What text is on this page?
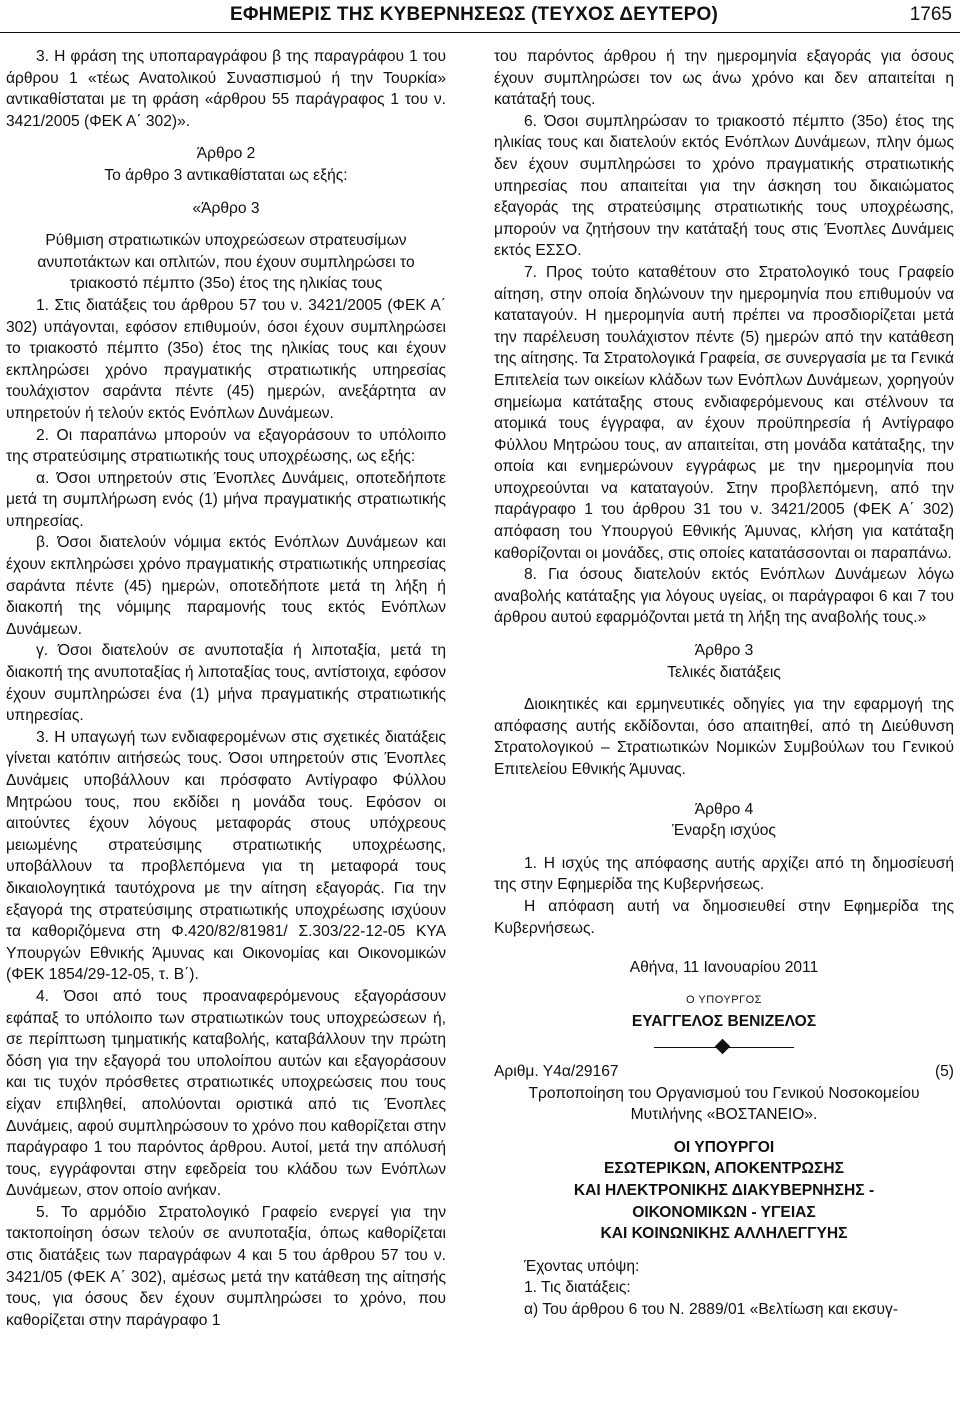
ΕΦΗΜΕΡΙΣ ΤΗΣ ΚΥΒΕΡΝΗΣΕΩΣ (ΤΕΥΧΟΣ ΔΕΥΤΕΡΟ)	1765

3. Η φράση της υποπαραγράφου β της παραγράφου 1 του άρθρου 1 «τέως Ανατολικού Συνασπισμού ή την Τουρκία» αντικαθίσταται με τη φράση «άρθρου 55 παράγραφος 1 του ν. 3421/2005 (ΦΕΚ Α΄ 302)».

Άρθρο 2

Το άρθρο 3 αντικαθίσταται ως εξής:

«Άρθρο 3

Ρύθμιση στρατιωτικών υποχρεώσεων στρατευσίμων ανυποτάκτων και οπλιτών, που έχουν συμπληρώσει το τριακοστό πέμπτο (35ο) έτος της ηλικίας τους

1. Στις διατάξεις του άρθρου 57 του ν. 3421/2005 (ΦΕΚ Α΄ 302) υπάγονται, εφόσον επιθυμούν, όσοι έχουν συμπληρώσει το τριακοστό πέμπτο (35ο) έτος της ηλικίας τους και έχουν εκπληρώσει χρόνο πραγματικής στρατιωτικής υπηρεσίας τουλάχιστον σαράντα πέντε (45) ημερών, ανεξάρτητα αν υπηρετούν ή τελούν εκτός Ενόπλων Δυνάμεων.

2. Οι παραπάνω μπορούν να εξαγοράσουν το υπόλοιπο της στρατεύσιμης στρατιωτικής τους υποχρέωσης, ως εξής:

α. Όσοι υπηρετούν στις Ένοπλες Δυνάμεις, οποτεδήποτε μετά τη συμπλήρωση ενός (1) μήνα πραγματικής στρατιωτικής υπηρεσίας.

β. Όσοι διατελούν νόμιμα εκτός Ενόπλων Δυνάμεων και έχουν εκπληρώσει χρόνο πραγματικής στρατιωτικής υπηρεσίας σαράντα πέντε (45) ημερών, οποτεδήποτε μετά τη λήξη ή διακοπή της νόμιμης παραμονής τους εκτός Ενόπλων Δυνάμεων.

γ. Όσοι διατελούν σε ανυποταξία ή λιποταξία, μετά τη διακοπή της ανυποταξίας ή λιποταξίας τους, αντίστοιχα, εφόσον έχουν συμπληρώσει ένα (1) μήνα πραγματικής στρατιωτικής υπηρεσίας.

3. Η υπαγωγή των ενδιαφερομένων στις σχετικές διατάξεις γίνεται κατόπιν αιτήσεώς τους. Όσοι υπηρετούν στις Ένοπλες Δυνάμεις υποβάλλουν και πρόσφατο Αντίγραφο Φύλλου Μητρώου τους, που εκδίδει η μονάδα τους. Εφόσον οι αιτούντες έχουν λόγους μεταφοράς στους υπόχρεους μειωμένης στρατεύσιμης στρατιωτικής υποχρέωσης, υποβάλλουν τα προβλεπόμενα για τη μεταφορά τους δικαιολογητικά ταυτόχρονα με την αίτηση εξαγοράς. Για την εξαγορά της στρατεύσιμης στρατιωτικής υποχρέωσης ισχύουν τα καθοριζόμενα στη Φ.420/82/81981/ Σ.303/22-12-05 ΚΥΑ Υπουργών Εθνικής Άμυνας και Οικονομίας και Οικονομικών (ΦΕΚ 1854/29-12-05, τ. Β΄).

4. Όσοι από τους προαναφερόμενους εξαγοράσουν εφάπαξ το υπόλοιπο των στρατιωτικών τους υποχρεώσεων ή, σε περίπτωση τμηματικής καταβολής, καταβάλλουν την πρώτη δόση για την εξαγορά του υπολοίπου αυτών και εξαγοράσουν και τις τυχόν πρόσθετες στρατιωτικές υποχρεώσεις που τους είχαν επιβληθεί, απολύονται οριστικά από τις Ένοπλες Δυνάμεις, αφού συμπληρώσουν το χρόνο που καθορίζεται στην παράγραφο 1 του παρόντος άρθρου. Αυτοί, μετά την απόλυσή τους, εγγράφονται στην εφεδρεία του κλάδου των Ενόπλων Δυνάμεων, στον οποίο ανήκαν.

5. Το αρμόδιο Στρατολογικό Γραφείο ενεργεί για την τακτοποίηση όσων τελούν σε ανυποταξία, όπως καθορίζεται στις διατάξεις των παραγράφων 4 και 5 του άρθρου 57 του ν. 3421/05 (ΦΕΚ Α΄ 302), αμέσως μετά την κατάθεση της αίτησής τους, για όσους δεν έχουν συμπληρώσει το χρόνο, που καθορίζεται στην παράγραφο 1

του παρόντος άρθρου ή την ημερομηνία εξαγοράς για όσους έχουν συμπληρώσει τον ως άνω χρόνο και δεν απαιτείται η κατάταξή τους.

6. Όσοι συμπληρώσαν το τριακοστό πέμπτο (35ο) έτος της ηλικίας τους και διατελούν εκτός Ενόπλων Δυνάμεων, πλην όμως δεν έχουν συμπληρώσει το χρόνο πραγματικής στρατιωτικής υπηρεσίας που απαιτείται για την άσκηση του δικαιώματος εξαγοράς της στρατεύσιμης στρατιωτικής τους υποχρέωσης, μπορούν να ζητήσουν την κατάταξή τους στις Ένοπλες Δυνάμεις εκτός ΕΣΣΟ.

7. Προς τούτο καταθέτουν στο Στρατολογικό τους Γραφείο αίτηση, στην οποία δηλώνουν την ημερομηνία που επιθυμούν να καταταγούν. Η ημερομηνία αυτή πρέπει να προσδιορίζεται μετά την παρέλευση τουλάχιστον πέντε (5) ημερών από την κατάθεση της αίτησης. Τα Στρατολογικά Γραφεία, σε συνεργασία με τα Γενικά Επιτελεία των οικείων κλάδων των Ενόπλων Δυνάμεων, χορηγούν σημείωμα κατάταξης στους ενδιαφερόμενους και στέλνουν τα ατομικά τους έγγραφα, αν έχουν προϋπηρεσία ή Αντίγραφο Φύλλου Μητρώου τους, αν απαιτείται, στη μονάδα κατάταξης, την οποία και ενημερώνουν εγγράφως με την ημερομηνία που υποχρεούνται να καταταγούν. Στην προβλεπόμενη, από την παράγραφο 1 του άρθρου 31 του ν. 3421/2005 (ΦΕΚ Α΄ 302) απόφαση του Υπουργού Εθνικής Άμυνας, κλήση για κατάταξη καθορίζονται οι μονάδες, στις οποίες κατατάσσονται οι παραπάνω.

8. Για όσους διατελούν εκτός Ενόπλων Δυνάμεων λόγω αναβολής κατάταξης για λόγους υγείας, οι παράγραφοι 6 και 7 του άρθρου αυτού εφαρμόζονται μετά τη λήξη της αναβολής τους.»

Άρθρο 3

Τελικές διατάξεις

Διοικητικές και ερμηνευτικές οδηγίες για την εφαρμογή της απόφασης αυτής εκδίδονται, όσο απαιτηθεί, από τη Διεύθυνση Στρατολογικού – Στρατιωτικών Νομικών Συμβούλων του Γενικού Επιτελείου Εθνικής Άμυνας.

Άρθρο 4

Έναρξη ισχύος

1. Η ισχύς της απόφασης αυτής αρχίζει από τη δημοσίευσή της στην Εφημερίδα της Κυβερνήσεως.

Η απόφαση αυτή να δημοσιευθεί στην Εφημερίδα της Κυβερνήσεως.

Αθήνα, 11 Ιανουαρίου 2011

Ο ΥΠΟΥΡΓΟΣ

ΕΥΑΓΓΕΛΟΣ ΒΕΝΙΖΕΛΟΣ

Αριθμ. Υ4α/29167	(5)

Τροποποίηση του Οργανισμού του Γενικού Νοσοκομείου Μυτιλήνης «ΒΟΣΤΑΝΕΙΟ».

ΟΙ ΥΠΟΥΡΓΟΙ

ΕΣΩΤΕΡΙΚΩΝ, ΑΠΟΚΕΝΤΡΩΣΗΣ

ΚΑΙ ΗΛΕΚΤΡΟΝΙΚΗΣ ΔΙΑΚΥΒΕΡΝΗΣΗΣ -

ΟΙΚΟΝΟΜΙΚΩΝ - ΥΓΕΙΑΣ

ΚΑΙ ΚΟΙΝΩΝΙΚΗΣ ΑΛΛΗΛΕΓΓΥΗΣ

Έχοντας υπόψη:

1. Τις διατάξεις:

α) Του άρθρου 6 του Ν. 2889/01 «Βελτίωση και εκσυγ-
